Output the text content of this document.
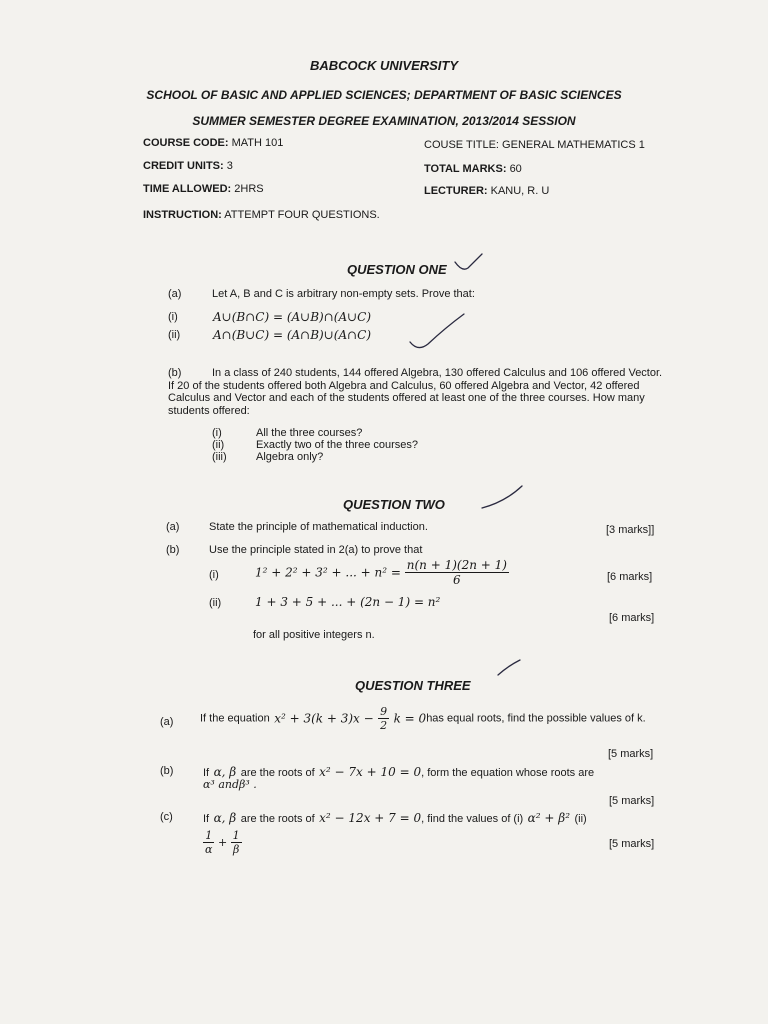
BABCOCK UNIVERSITY
SCHOOL OF BASIC AND APPLIED SCIENCES; DEPARTMENT OF BASIC SCIENCES
SUMMER SEMESTER DEGREE EXAMINATION, 2013/2014 SESSION
COURSE CODE: MATH 101	COUSE TITLE: GENERAL MATHEMATICS 1
CREDIT UNITS: 3	TOTAL MARKS: 60
TIME ALLOWED: 2HRS	LECTURER: KANU, R. U
INSTRUCTION: ATTEMPT FOUR QUESTIONS.
QUESTION ONE
(a)	Let A, B and C is arbitrary non-empty sets. Prove that:
(i)	A∪(B∩C) = (A∪B)∩(A∪C)
(ii)	A∩(B∪C) = (A∩B)∪(A∩C)
(b)	In a class of 240 students, 144 offered Algebra, 130 offered Calculus and 106 offered Vector. If 20 of the students offered both Algebra and Calculus, 60 offered Algebra and Vector, 42 offered Calculus and Vector and each of the students offered at least one of the three courses. How many students offered:
(i)	All the three courses?
(ii)	Exactly two of the three courses?
(iii)	Algebra only?
QUESTION TWO
(a)	State the principle of mathematical induction.	[3 marks]]
(b)	Use the principle stated in 2(a) to prove that
(i)	1² + 2² + 3² + ... + $n^2 = \frac{n(n + 1)(2n + 1)}{6}$	[6 marks]
(ii)	1 + 3 + 5 + ... + (2n − 1) = n²
[6 marks]
for all positive integers n.
QUESTION THREE
(a) If the equation $x^2 + 3(k + 3)x - \frac{9}{2}$ k = 0has equal roots, find the possible values of k.
[5 marks]
(b)	If α, β are the roots of x² − 7x + 10 = 0, form the equation whose roots are
α³ andβ³ .
[5 marks]
(c)	If α, β are the roots of x² − 12x + 7 = 0, find the values of (i) α² + β² (ii)
$\frac{1}{\alpha} + \frac{1}{\beta}$	[5 marks]
